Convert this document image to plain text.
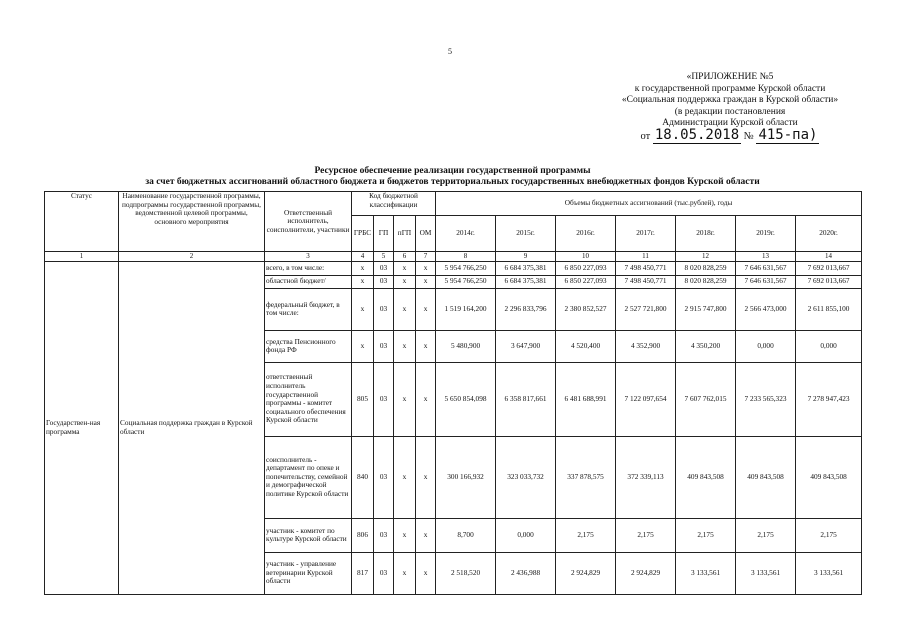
5
«ПРИЛОЖЕНИЕ №5
к государственной программе Курской области
«Социальная поддержка граждан в Курской области»
(в редакции постановления
Администрации Курской области
от 18.05.2018 № 415-па)
Ресурсное обеспечение реализации государственной программы
за счет бюджетных ассигнований областного бюджета и бюджетов территориальных государственных внебюджетных фондов Курской области
Статус	Наименование государственной программы, подпрограммы государственной программы, ведомственной целевой программы, основного мероприятия	Ответственный исполнитель, соисполнители, участники	Код бюджетной классификации				Объемы бюджетных ассигнований (тыс.рублей), годы						
			ГРБС	ГП	пГП	ОМ	2014г.	2015г.	2016г.	2017г.	2018г.	2019г.	2020г.
1	2	3	4	5	6	7	8	9	10	11	12	13	14
Государствен-ная программа	Социальная поддержка граждан в Курской области	всего, в том числе:	х	03	х	х	5 954 766,250	6 684 375,381	6 850 227,093	7 498 450,771	8 020 828,259	7 646 631,567	7 692 013,667
		областной бюджет/	х	03	х	х	5 954 766,250	6 684 375,381	6 850 227,093	7 498 450,771	8 020 828,259	7 646 631,567	7 692 013,667
		федеральный бюджет, в том числе:	х	03	х	х	1 519 164,200	2 296 833,796	2 380 852,527	2 527 721,800	2 915 747,800	2 566 473,000	2 611 855,100
		средства Пенсионного фонда РФ	х	03	х	х	5 480,900	3 647,900	4 520,400	4 352,900	4 350,200	0,000	0,000
		ответственный исполнитель государственной программы - комитет социального обеспечения Курской области	805	03	х	х	5 650 854,098	6 358 817,661	6 481 688,991	7 122 097,654	7 607 762,015	7 233 565,323	7 278 947,423
		соисполнитель - департамент по опеке и попечительству, семейной и демографической политике Курской области	840	03	х	х	300 166,932	323 033,732	337 878,575	372 339,113	409 843,508	409 843,508	409 843,508
		участник - комитет по культуре Курской области	806	03	х	х	8,700	0,000	2,175	2,175	2,175	2,175	2,175
		участник - управление ветеринарии Курской области	817	03	х	х	2 518,520	2 436,988	2 924,829	2 924,829	3 133,561	3 133,561	3 133,561
